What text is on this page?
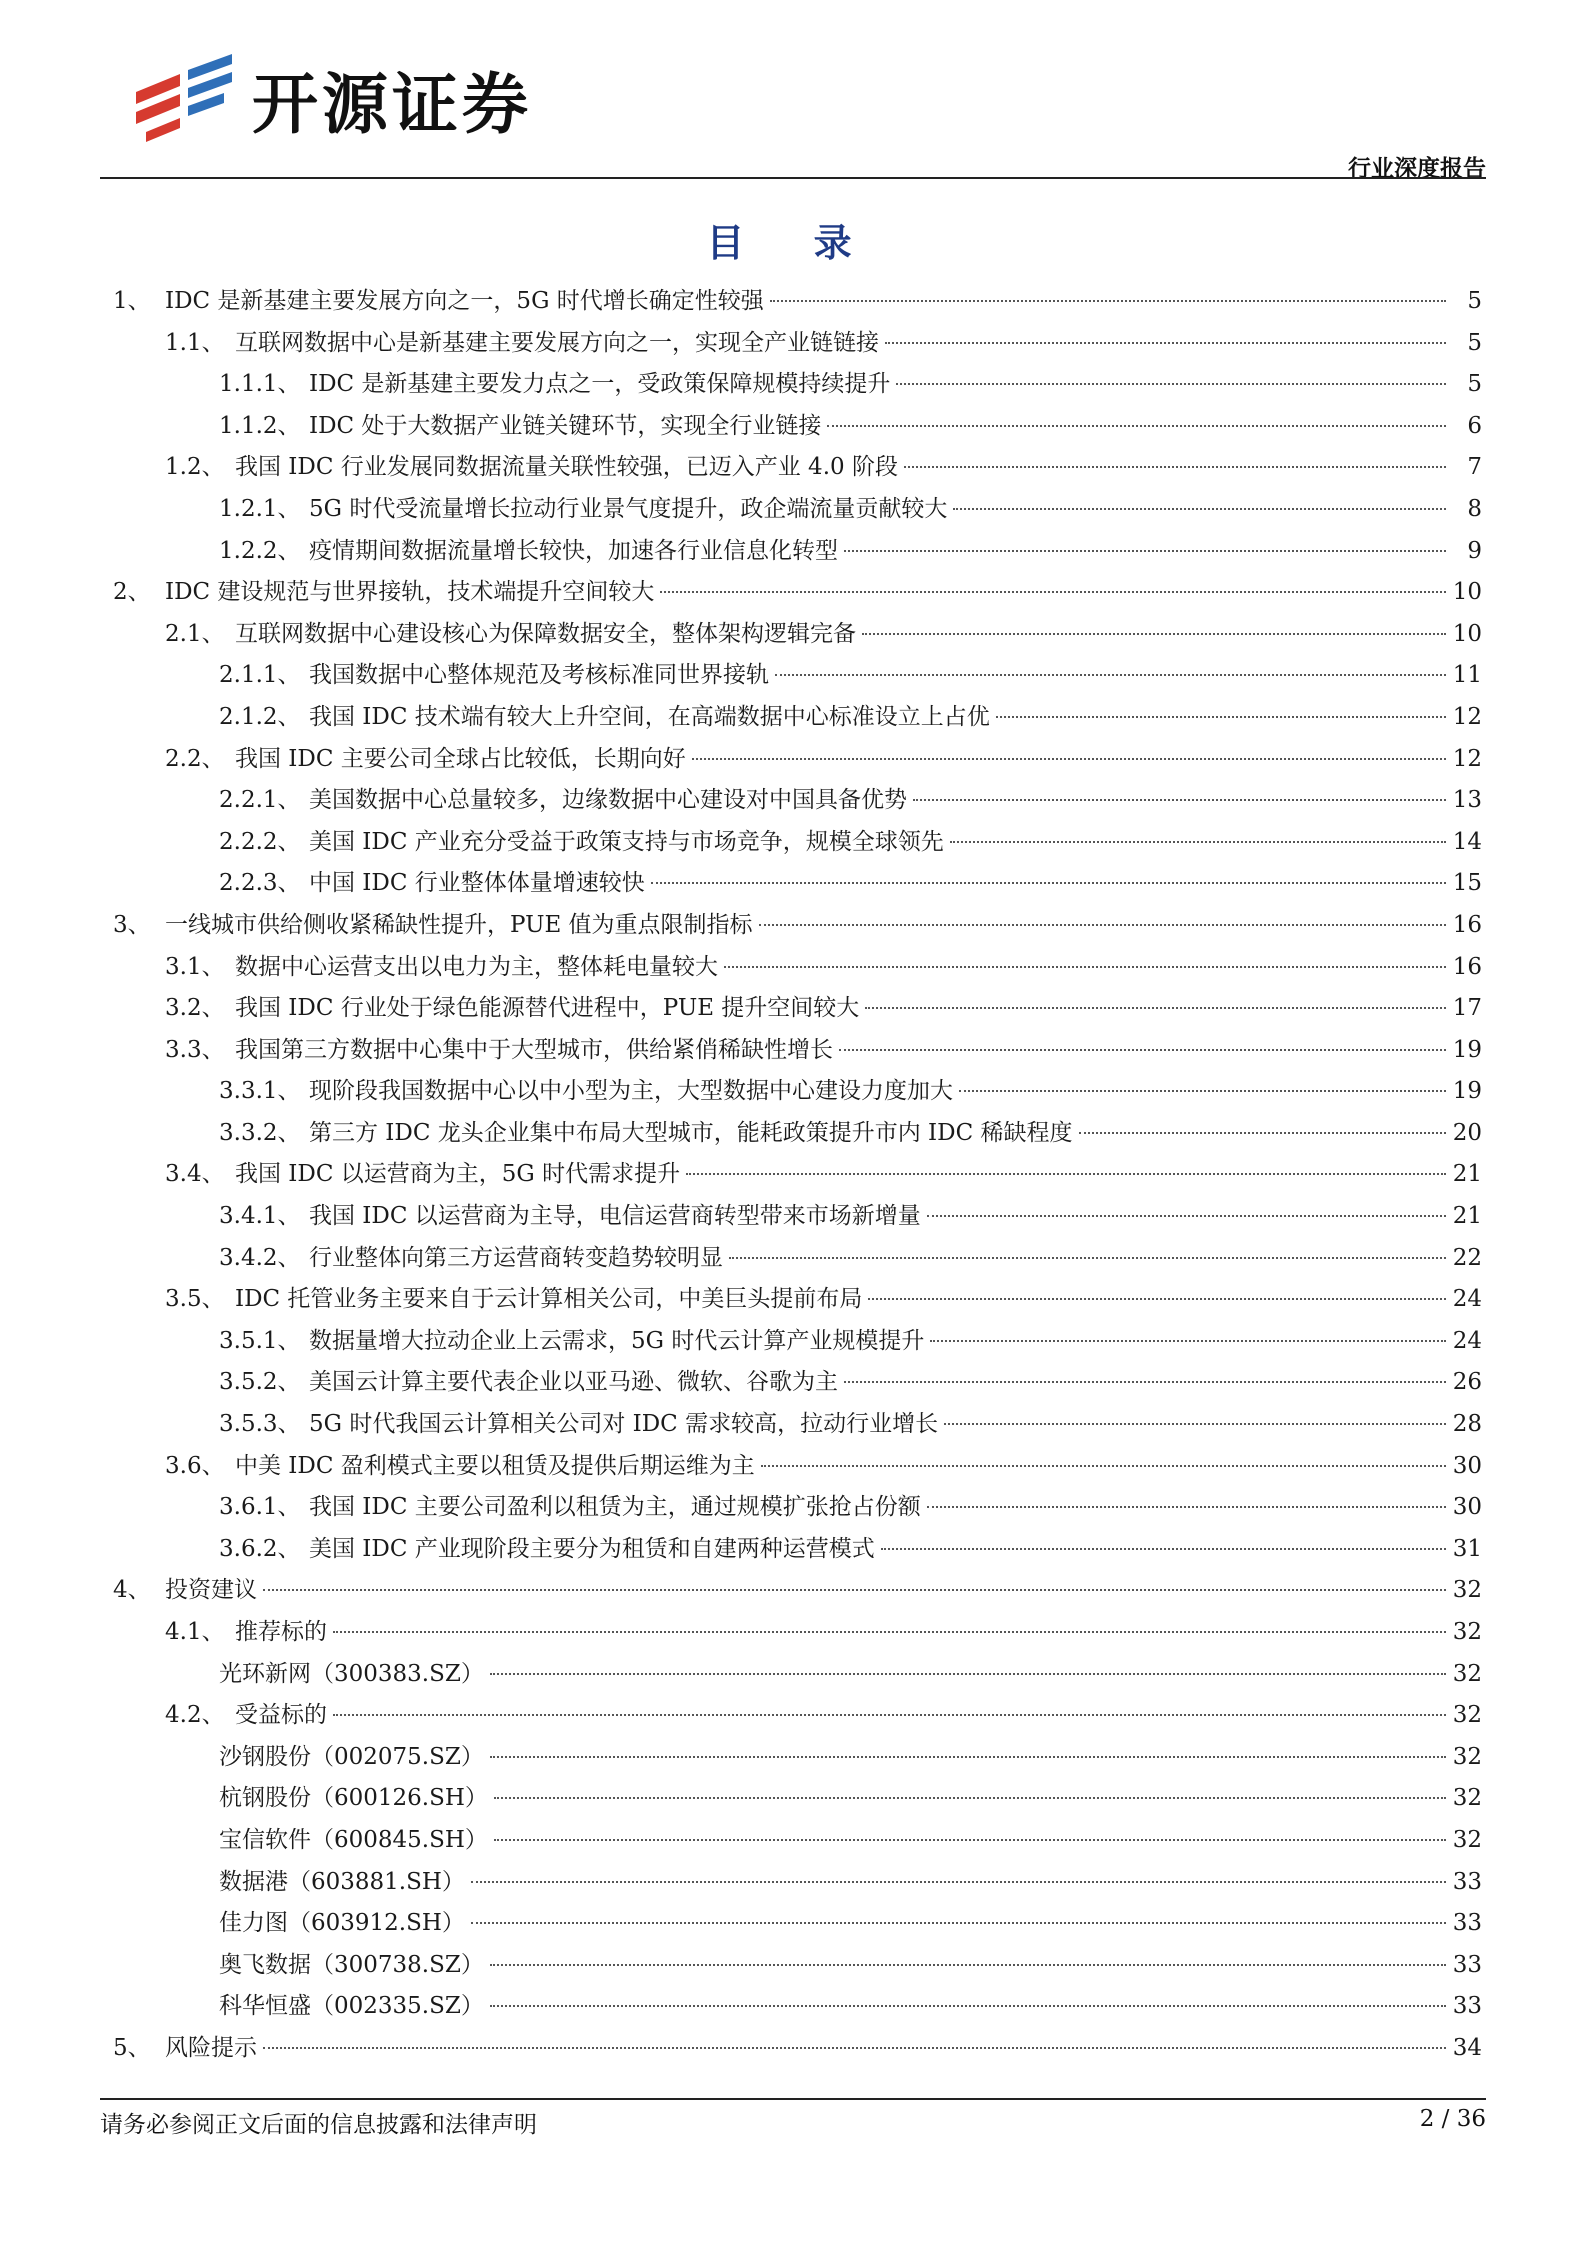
开源证券
行业深度报告
目 录
1、 IDC 是新基建主要发展方向之一，5G 时代增长确定性较强	5
1.1、 互联网数据中心是新基建主要发展方向之一，实现全产业链链接	5
1.1.1、 IDC 是新基建主要发力点之一，受政策保障规模持续提升	5
1.1.2、 IDC 处于大数据产业链关键环节，实现全行业链接	6
1.2、 我国 IDC 行业发展同数据流量关联性较强，已迈入产业 4.0 阶段	7
1.2.1、 5G 时代受流量增长拉动行业景气度提升，政企端流量贡献较大	8
1.2.2、 疫情期间数据流量增长较快，加速各行业信息化转型	9
2、 IDC 建设规范与世界接轨，技术端提升空间较大	10
2.1、 互联网数据中心建设核心为保障数据安全，整体架构逻辑完备	10
2.1.1、 我国数据中心整体规范及考核标准同世界接轨	11
2.1.2、 我国 IDC 技术端有较大上升空间，在高端数据中心标准设立上占优	12
2.2、 我国 IDC 主要公司全球占比较低，长期向好	12
2.2.1、 美国数据中心总量较多，边缘数据中心建设对中国具备优势	13
2.2.2、 美国 IDC 产业充分受益于政策支持与市场竞争，规模全球领先	14
2.2.3、 中国 IDC 行业整体体量增速较快	15
3、 一线城市供给侧收紧稀缺性提升，PUE 值为重点限制指标	16
3.1、 数据中心运营支出以电力为主，整体耗电量较大	16
3.2、 我国 IDC 行业处于绿色能源替代进程中，PUE 提升空间较大	17
3.3、 我国第三方数据中心集中于大型城市，供给紧俏稀缺性增长	19
3.3.1、 现阶段我国数据中心以中小型为主，大型数据中心建设力度加大	19
3.3.2、 第三方 IDC 龙头企业集中布局大型城市，能耗政策提升市内 IDC 稀缺程度	20
3.4、 我国 IDC 以运营商为主，5G 时代需求提升	21
3.4.1、 我国 IDC 以运营商为主导，电信运营商转型带来市场新增量	21
3.4.2、 行业整体向第三方运营商转变趋势较明显	22
3.5、 IDC 托管业务主要来自于云计算相关公司，中美巨头提前布局	24
3.5.1、 数据量增大拉动企业上云需求，5G 时代云计算产业规模提升	24
3.5.2、 美国云计算主要代表企业以亚马逊、微软、谷歌为主	26
3.5.3、 5G 时代我国云计算相关公司对 IDC 需求较高，拉动行业增长	28
3.6、 中美 IDC 盈利模式主要以租赁及提供后期运维为主	30
3.6.1、 我国 IDC 主要公司盈利以租赁为主，通过规模扩张抢占份额	30
3.6.2、 美国 IDC 产业现阶段主要分为租赁和自建两种运营模式	31
4、 投资建议	32
4.1、 推荐标的	32
光环新网（300383.SZ）	32
4.2、 受益标的	32
沙钢股份（002075.SZ）	32
杭钢股份（600126.SH）	32
宝信软件（600845.SH）	32
数据港（603881.SH）	33
佳力图（603912.SH）	33
奥飞数据（300738.SZ）	33
科华恒盛（002335.SZ）	33
5、 风险提示	34
请务必参阅正文后面的信息披露和法律声明	2 / 36
